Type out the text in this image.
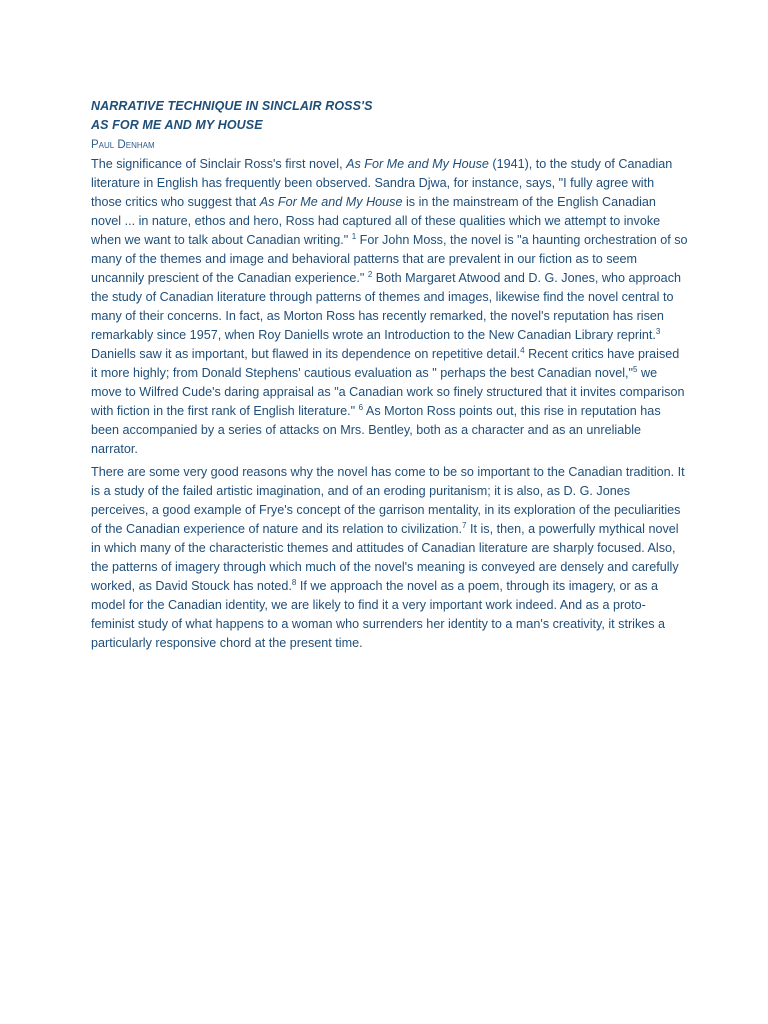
NARRATIVE TECHNIQUE IN SINCLAIR ROSS'S
AS FOR ME AND MY HOUSE
Paul Denham

The significance of Sinclair Ross's first novel, As For Me and My House (1941), to the study of Canadian literature in English has frequently been observed. Sandra Djwa, for instance, says, "I fully agree with those critics who suggest that As For Me and My House is in the mainstream of the English Canadian novel ... in nature, ethos and hero, Ross had captured all of these qualities which we attempt to invoke when we want to talk about Canadian writing." $^1$ For John Moss, the novel is "a haunting orchestration of so many of the themes and image and behavioral patterns that are prevalent in our fiction as to seem uncannily prescient of the Canadian experience." $^2$ Both Margaret Atwood and D. G. Jones, who approach the study of Canadian literature through patterns of themes and images, likewise find the novel central to many of their concerns. In fact, as Morton Ross has recently remarked, the novel's reputation has risen remarkably since 1957, when Roy Daniells wrote an Introduction to the New Canadian Library reprint.$^3$ Daniells saw it as important, but flawed in its dependence on repetitive detail.$^4$ Recent critics have praised it more highly; from Donald Stephens' cautious evaluation as " perhaps the best Canadian novel,"$^5$ we move to Wilfred Cude's daring appraisal as "a Canadian work so finely structured that it invites comparison with fiction in the first rank of English literature." $^6$ As Morton Ross points out, this rise in reputation has been accompanied by a series of attacks on Mrs. Bentley, both as a character and as an unreliable narrator.

There are some very good reasons why the novel has come to be so important to the Canadian tradition. It is a study of the failed artistic imagination, and of an eroding puritanism; it is also, as D. G. Jones perceives, a good example of Frye's concept of the garrison mentality, in its exploration of the peculiarities of the Canadian experience of nature and its relation to civilization.$^7$ It is, then, a powerfully mythical novel in which many of the characteristic themes and attitudes of Canadian literature are sharply focused. Also, the patterns of imagery through which much of the novel's meaning is conveyed are densely and carefully worked, as David Stouck has noted.$^8$ If we approach the novel as a poem, through its imagery, or as a model for the Canadian identity, we are likely to find it a very important work indeed. And as a proto-feminist study of what happens to a woman who surrenders her identity to a man's creativity, it strikes a particularly responsive chord at the present time.
